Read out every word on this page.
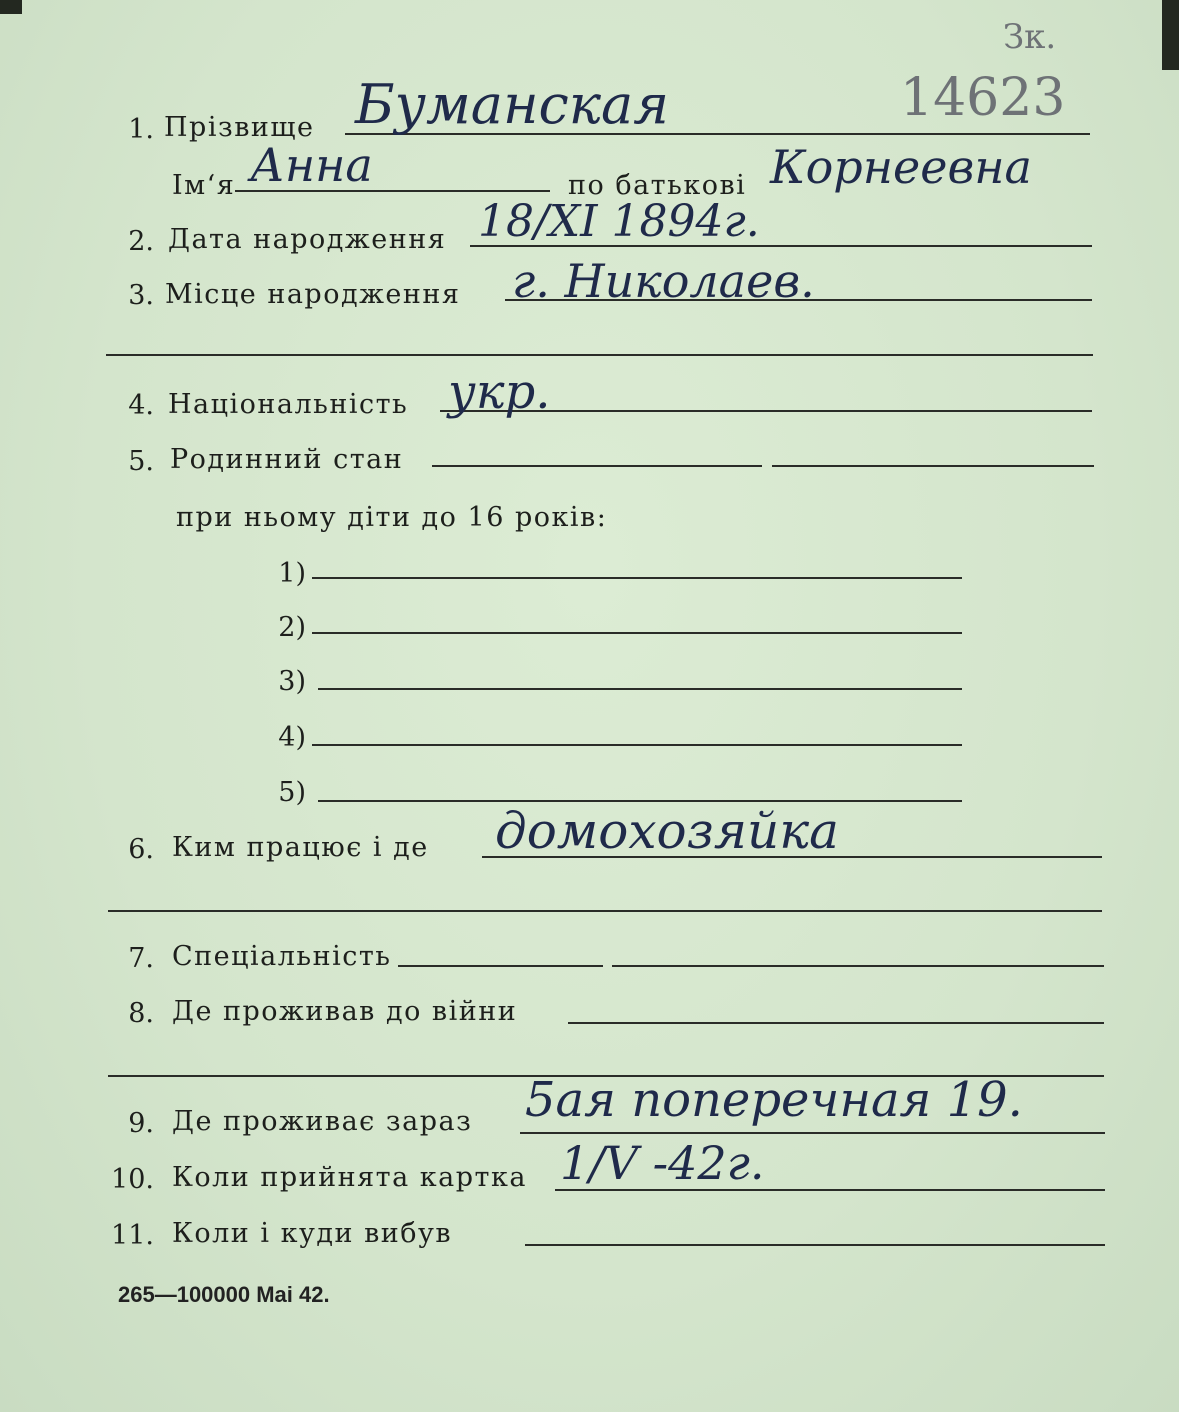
Зк.
1. Прізвище Буманская	14623
Ім‘я Анна	по батькові Корнеевна
2. Дата народження 18/XI 1894г.
3. Місце народження г. Николаев.
4. Національність укр.
5. Родинний стан
при ньому діти до 16 років:
1)
2)
3)
4)
5)
6. Ким працює і де домохозяйка
7. Спеціальність
8. Де проживав до війни
9. Де проживає зараз 5ая поперечная 19.
10. Коли прийнята картка 1/V -42г.
11. Коли і куди вибув
265—100000 Mai 42.
